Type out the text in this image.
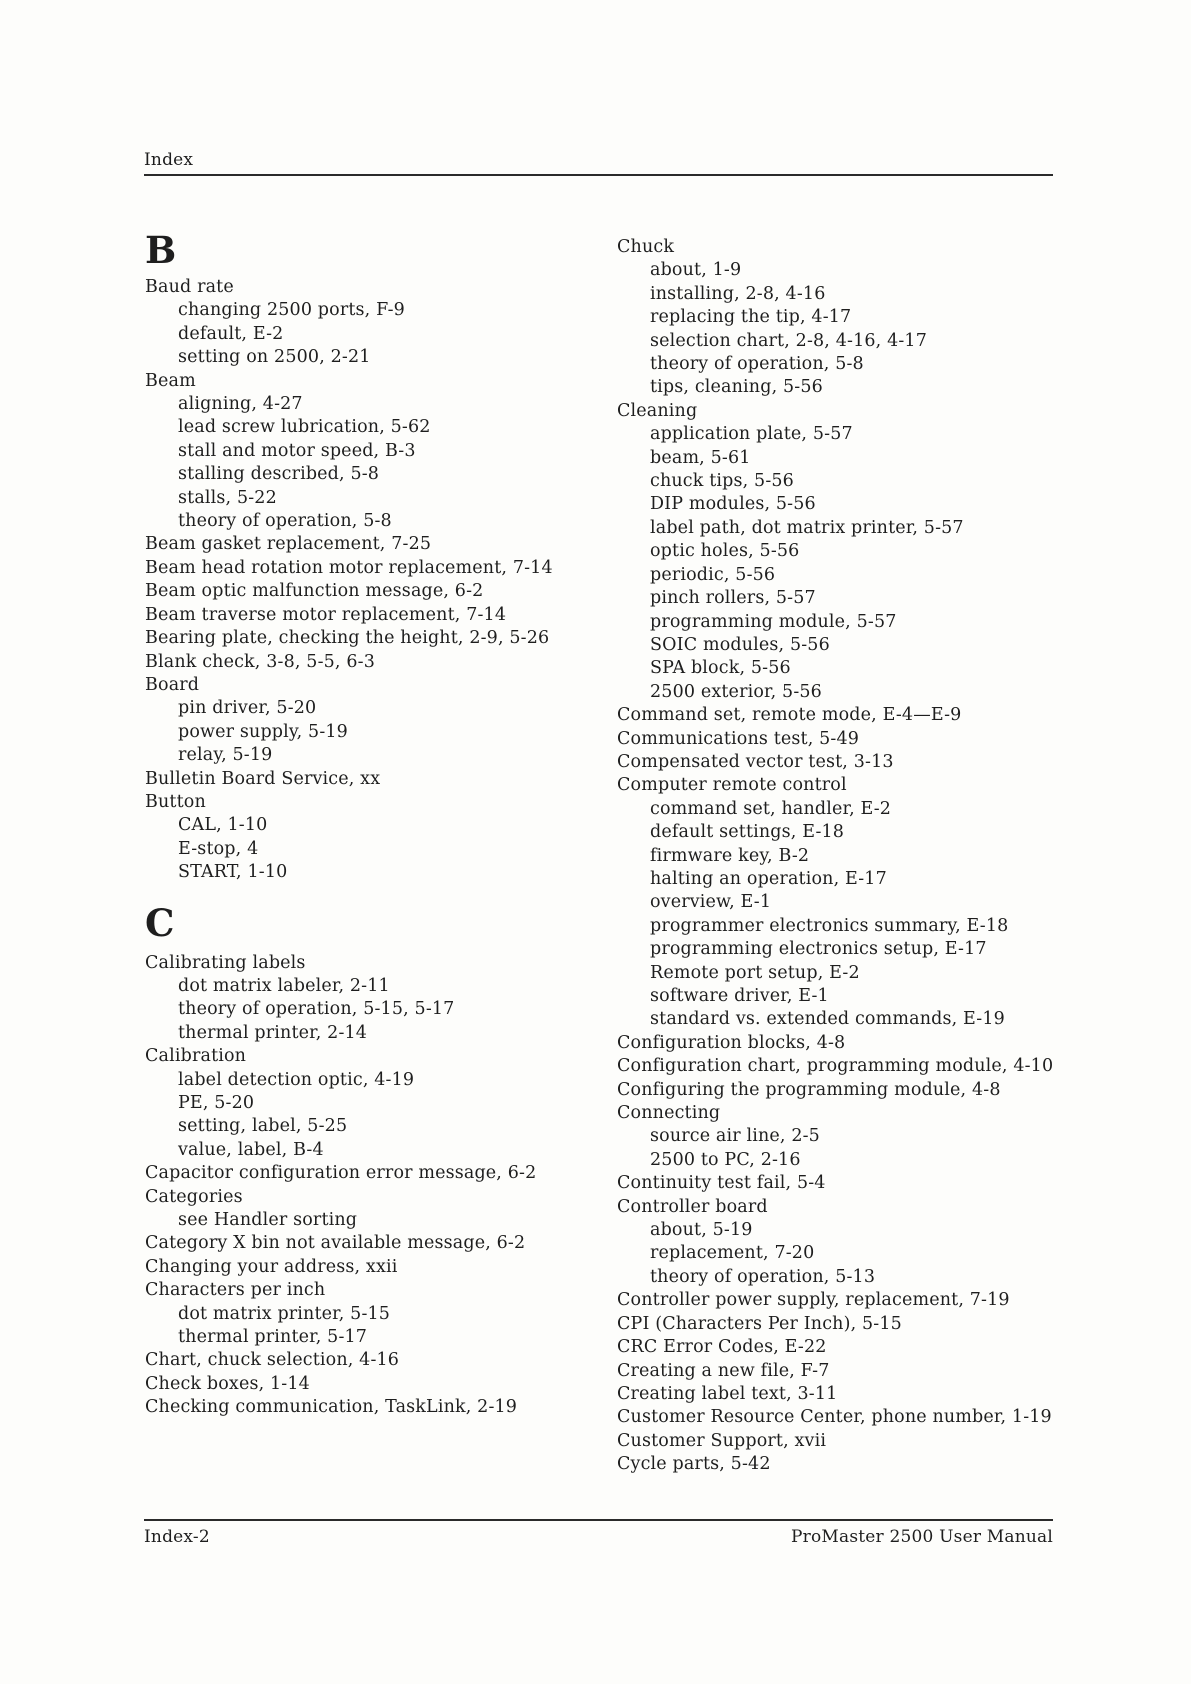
Index
B
Baud rate
changing 2500 ports, F-9
default, E-2
setting on 2500, 2-21
Beam
aligning, 4-27
lead screw lubrication, 5-62
stall and motor speed, B-3
stalling described, 5-8
stalls, 5-22
theory of operation, 5-8
Beam gasket replacement, 7-25
Beam head rotation motor replacement, 7-14
Beam optic malfunction message, 6-2
Beam traverse motor replacement, 7-14
Bearing plate, checking the height, 2-9, 5-26
Blank check, 3-8, 5-5, 6-3
Board
pin driver, 5-20
power supply, 5-19
relay, 5-19
Bulletin Board Service, xx
Button
CAL, 1-10
E-stop, 4
START, 1-10
C
Calibrating labels
dot matrix labeler, 2-11
theory of operation, 5-15, 5-17
thermal printer, 2-14
Calibration
label detection optic, 4-19
PE, 5-20
setting, label, 5-25
value, label, B-4
Capacitor configuration error message, 6-2
Categories
see Handler sorting
Category X bin not available message, 6-2
Changing your address, xxii
Characters per inch
dot matrix printer, 5-15
thermal printer, 5-17
Chart, chuck selection, 4-16
Check boxes, 1-14
Checking communication, TaskLink, 2-19
Chuck
about, 1-9
installing, 2-8, 4-16
replacing the tip, 4-17
selection chart, 2-8, 4-16, 4-17
theory of operation, 5-8
tips, cleaning, 5-56
Cleaning
application plate, 5-57
beam, 5-61
chuck tips, 5-56
DIP modules, 5-56
label path, dot matrix printer, 5-57
optic holes, 5-56
periodic, 5-56
pinch rollers, 5-57
programming module, 5-57
SOIC modules, 5-56
SPA block, 5-56
2500 exterior, 5-56
Command set, remote mode, E-4—E-9
Communications test, 5-49
Compensated vector test, 3-13
Computer remote control
command set, handler, E-2
default settings, E-18
firmware key, B-2
halting an operation, E-17
overview, E-1
programmer electronics summary, E-18
programming electronics setup, E-17
Remote port setup, E-2
software driver, E-1
standard vs. extended commands, E-19
Configuration blocks, 4-8
Configuration chart, programming module, 4-10
Configuring the programming module, 4-8
Connecting
source air line, 2-5
2500 to PC, 2-16
Continuity test fail, 5-4
Controller board
about, 5-19
replacement, 7-20
theory of operation, 5-13
Controller power supply, replacement, 7-19
CPI (Characters Per Inch), 5-15
CRC Error Codes, E-22
Creating a new file, F-7
Creating label text, 3-11
Customer Resource Center, phone number, 1-19
Customer Support, xvii
Cycle parts, 5-42
Index-2	ProMaster 2500 User Manual
